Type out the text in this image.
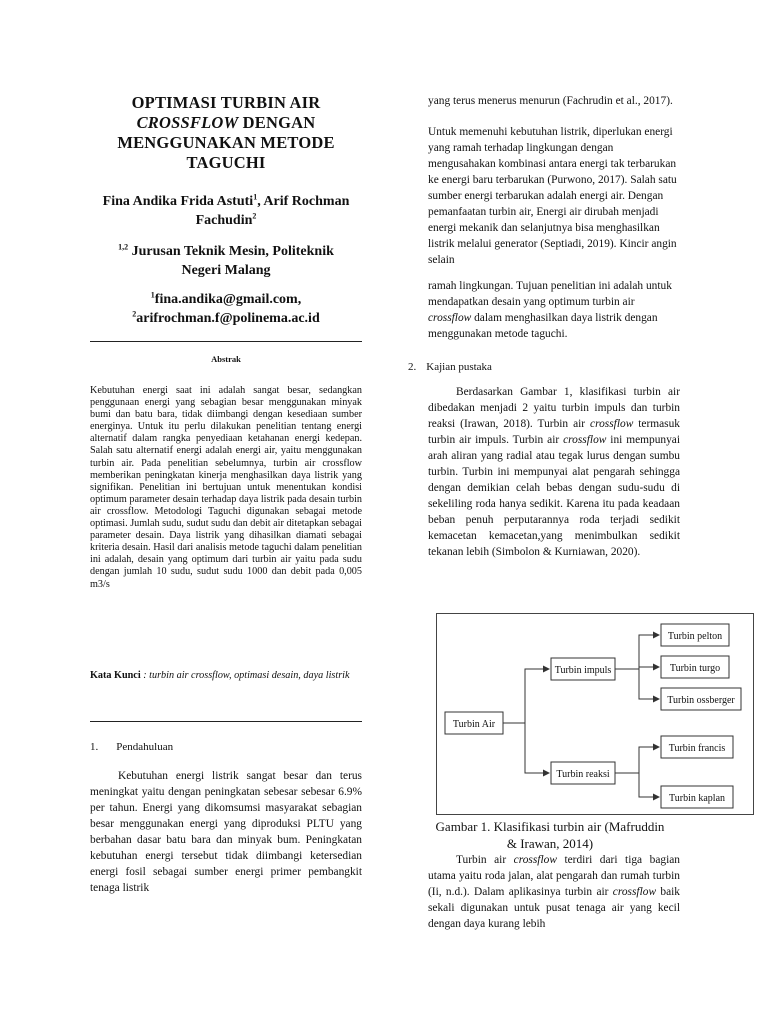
OPTIMASI TURBIN AIR
CROSSFLOW DENGAN
MENGGUNAKAN METODE
TAGUCHI
Fina Andika Frida Astuti$^1$, Arif Rochman
Fachudin$^2$
$^{1,2}$ Jurusan Teknik Mesin, Politeknik
Negeri Malang
$^1$fina.andika@gmail.com,
$^2$arifrochman.f@polinema.ac.id
Abstrak
Kebutuhan energi saat ini adalah sangat besar, sedangkan penggunaan energi yang sebagian besar menggunakan minyak bumi dan batu bara, tidak diimbangi dengan kesediaan sumber energinya. Untuk itu perlu dilakukan penelitian tentang energi alternatif dalam rangka penyediaan ketahanan energi kedepan. Salah satu alternatif energi adalah energi air, yaitu menggunakan turbin air. Pada penelitian sebelumnya, turbin air crossflow memberikan peningkatan kinerja menghasilkan daya listrik yang signifikan. Penelitian ini bertujuan untuk menentukan kondisi optimum parameter desain terhadap daya listrik pada desain turbin air crossflow. Metodologi Taguchi digunakan sebagai metode optimasi. Jumlah sudu, sudut sudu dan debit air ditetapkan sebagai parameter desain. Daya listrik yang dihasilkan diamati sebagai kriteria desain. Hasil dari analisis metode taguchi dalam penelitian ini adalah, desain yang optimum dari turbin air yaitu pada sudu dengan jumlah 10 sudu, sudut sudu 1000 dan debit pada 0,005 m3/s
Kata Kunci : turbin air crossflow, optimasi desain, daya listrik
1. Pendahuluan
Kebutuhan energi listrik sangat besar dan terus meningkat yaitu dengan peningkatan sebesar sebesar 6.9% per tahun. Energi yang dikomsumsi masyarakat sebagian besar menggunakan energi yang diproduksi PLTU yang berbahan dasar batu bara dan minyak bum. Peningkatan kebutuhan energi tersebut tidak diimbangi ketersedian energi fosil sebagai sumber energi primer pembangkit tenaga listrik
yang terus menerus menurun (Fachrudin et al., 2017).
Untuk memenuhi kebutuhan listrik, diperlukan energi yang ramah terhadap lingkungan dengan mengusahakan kombinasi antara energi tak terbarukan ke energi baru terbarukan (Purwono, 2017). Salah satu sumber energi terbarukan adalah energi air. Dengan pemanfaatan turbin air, Energi air dirubah menjadi energi mekanik dan selanjutnya bisa menghasilkan listrik melalui generator (Septiadi, 2019). Kincir angin selain
ramah lingkungan. Tujuan penelitian ini adalah untuk mendapatkan desain yang optimum turbin air crossflow dalam menghasilkan daya listrik dengan menggunakan metode taguchi.
2. Kajian pustaka
Berdasarkan Gambar 1, klasifikasi turbin air dibedakan menjadi 2 yaitu turbin impuls dan turbin reaksi (Irawan, 2018). Turbin air crossflow termasuk turbin air impuls. Turbin air crossflow ini mempunyai arah aliran yang radial atau tegak lurus dengan sumbu turbin. Turbin ini mempunyai alat pengarah sehingga dengan demikian celah bebas dengan sudu-sudu di sekeliling roda hanya sedikit. Karena itu pada keadaan beban penuh perputarannya roda terjadi sedikit kemacetan kemacetan,yang menimbulkan sedikit tekanan lebih (Simbolon & Kurniawan, 2020).
Turbin Air
Turbin impuls
Turbin reaksi
Turbin pelton
Turbin turgo
Turbin ossberger
Turbin francis
Turbin kaplan
Gambar 1. Klasifikasi turbin air (Mafruddin
& Irawan, 2014)
Turbin air crossflow terdiri dari tiga bagian utama yaitu roda jalan, alat pengarah dan rumah turbin (Ii, n.d.). Dalam aplikasinya turbin air crossflow baik sekali digunakan untuk pusat tenaga air yang kecil dengan daya kurang lebih
